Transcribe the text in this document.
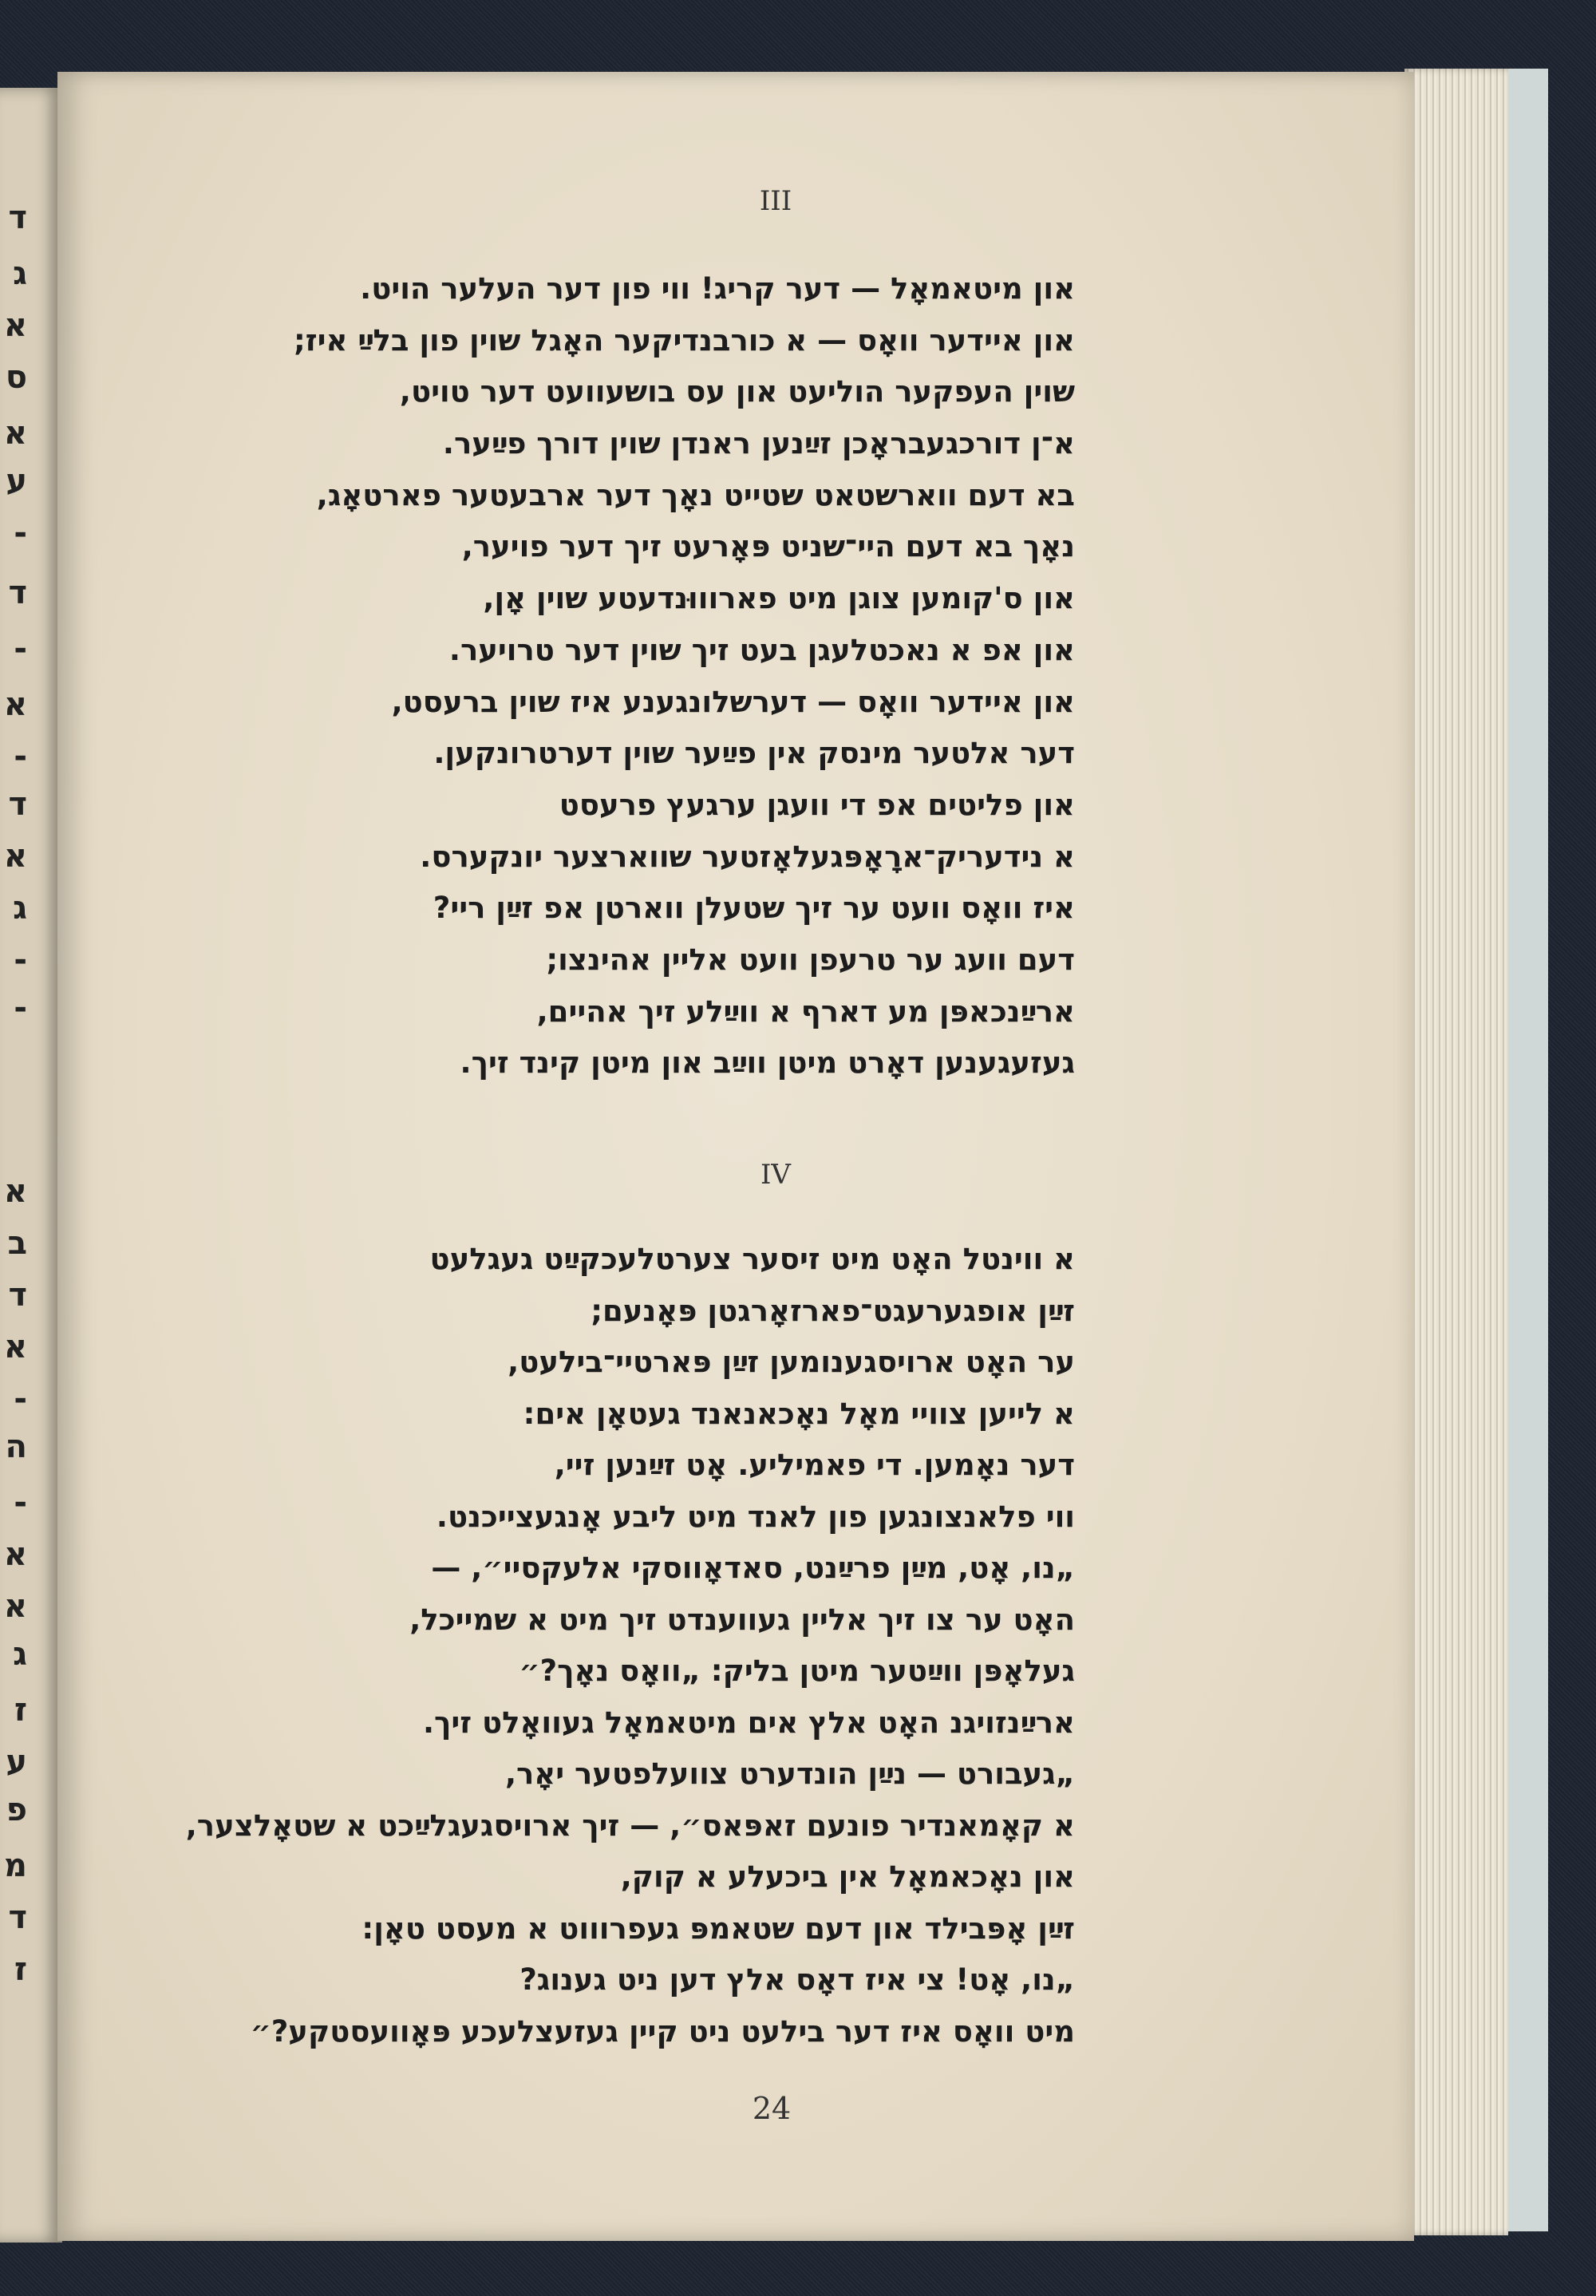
ד
ג
א
ס
א
ע
-
ד
-
א
-
ד
א
ג
-
-
א
ב
ד
א
-
ה
-
א
א
ג
ז
ע
פ
מ
ד
ז
III
און מיטאמאָל — דער קריג! ווי פון דער העלער הויט.
און איידער וואָס — א כורבנדיקער האָגל שוין פון בלײַ איז;
שוין העפקער הוליעט און עס בושעוועט דער טויט,
א־ן דורכגעבראָכן זײַנען ראנדן שוין דורך פײַער.
בא דעם ווארשטאט שטייט נאָך דער ארבעטער פארטאָג,
נאָך בא דעם היי־שניט פּאָרעט זיך דער פויער,
און ס'קומען צוגן מיט פארוווּנדעטע שוין אָן,
און אפ א נאכטלעגן בעט זיך שוין דער טרויער.
און איידער וואָס — דערשלונגענע איז שוין ברעסט,
דער אלטער מינסק אין פײַער שוין דערטרונקען.
און פליטים אפ די וועגן ערגעץ פרעסט
א נידעריק־ארָאָפּגעלאָזטער שווארצער יונקערס.
איז וואָס וועט ער זיך שטעלן ווארטן אפ זײַן ריי?
דעם וועג ער טרעפן וועט אליין אהינצו;
ארײַנכאפּן מע דארף א ווײַלע זיך אהיים,
געזעגענען דאָרט מיטן ווײַב און מיטן קינד זיך.
IV
א ווינטל האָט מיט זיסער צערטלעכקײַט געגלעט
זײַן אופגערעגט־פארזאָרגטן פּאָנעם;
ער האָט ארויסגענומען זײַן פּארטיי־בילעט,
א לייען צוויי מאָל נאָכאנאנד געטאָן אים:
דער נאָמען. די פאמיליע. אָט זײַנען זיי,
ווי פלאנצונגען פון לאנד מיט ליבע אָנגעצייכנט.
„נו, אָט, מײַן פרײַנט, סאדאָווסקי אלעקסיי״, —
האָט ער צו זיך אליין געווענדט זיך מיט א שמייכל,
געלאָפּן ווײַטער מיטן בליק: „וואָס נאָך?״
ארײַנזויגנ האָט אלץ אים מיטאמאָל געוואָלט זיך.
„געבורט — נײַן הונדערט צוועלפטער יאָר,
א קאָמאנדיר פונעם זאפּאס״, — זיך ארויסגעגלײַכט א שטאָלצער,
און נאָכאמאָל אין ביכעלע א קוק,
זײַן אָפּבילד און דעם שטאמפּ געפרוווט א מעסט טאָן:
„נו, אָט! צי איז דאָס אלץ דען ניט גענוג?
מיט וואָס איז דער בילעט ניט קיין געזעצלעכע פּאָוועסטקע?״
24
